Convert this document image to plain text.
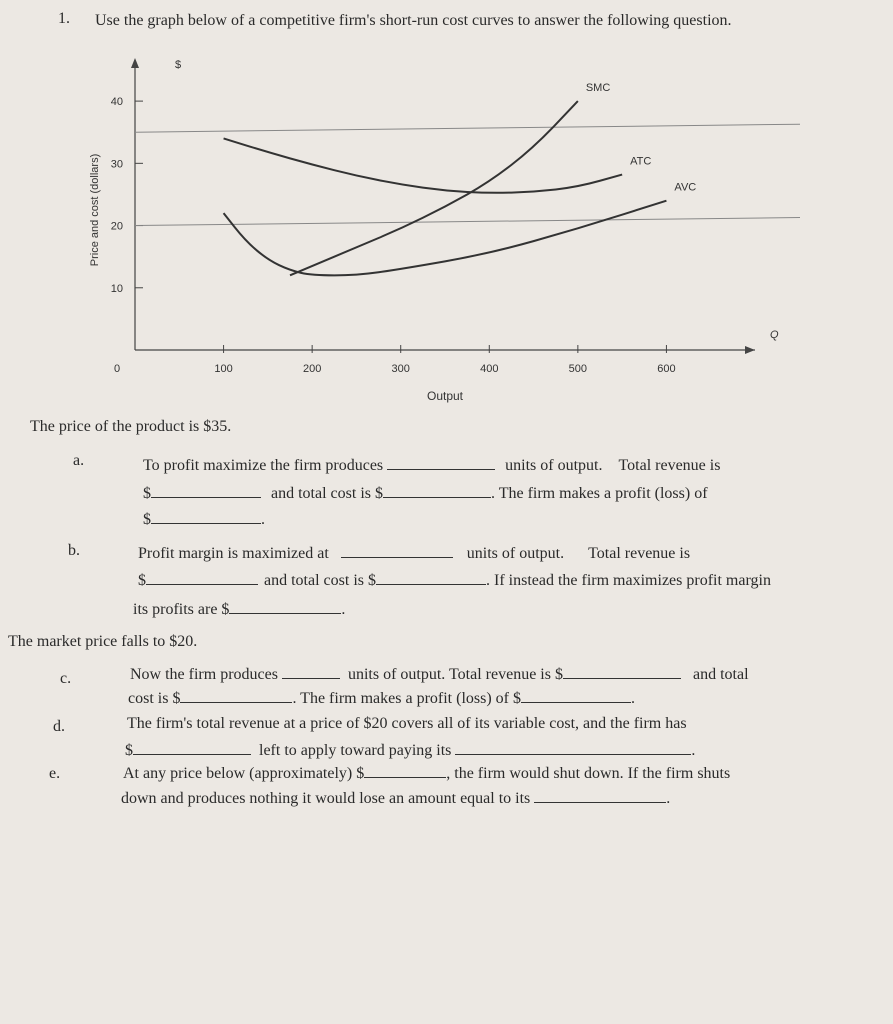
1. Use the graph below of a competitive firm's short-run cost curves to answer the following question.
0	100	200	300	400	500	600
10
20
30
40
SMC
ATC
AVC
Price and cost (dollars)
$
Output
Q
The price of the product is $35.
a.	To profit maximize the firm produces	units of output. Total revenue is
$	and total cost is $	. The firm makes a profit (loss) of
$	.
b.	Profit margin is maximized at	units of output. Total revenue is
$	and total cost is $	. If instead the firm maximizes profit margin
its profits are $	.
The market price falls to $20.
c.	Now the firm produces	units of output. Total revenue is $	and total
cost is $	. The firm makes a profit (loss) of $	.
d.	The firm's total revenue at a price of $20 covers all of its variable cost, and the firm has
$	left to apply toward paying its	.
e.	At any price below (approximately) $	, the firm would shut down. If the firm shuts
down and produces nothing it would lose an amount equal to its	.
